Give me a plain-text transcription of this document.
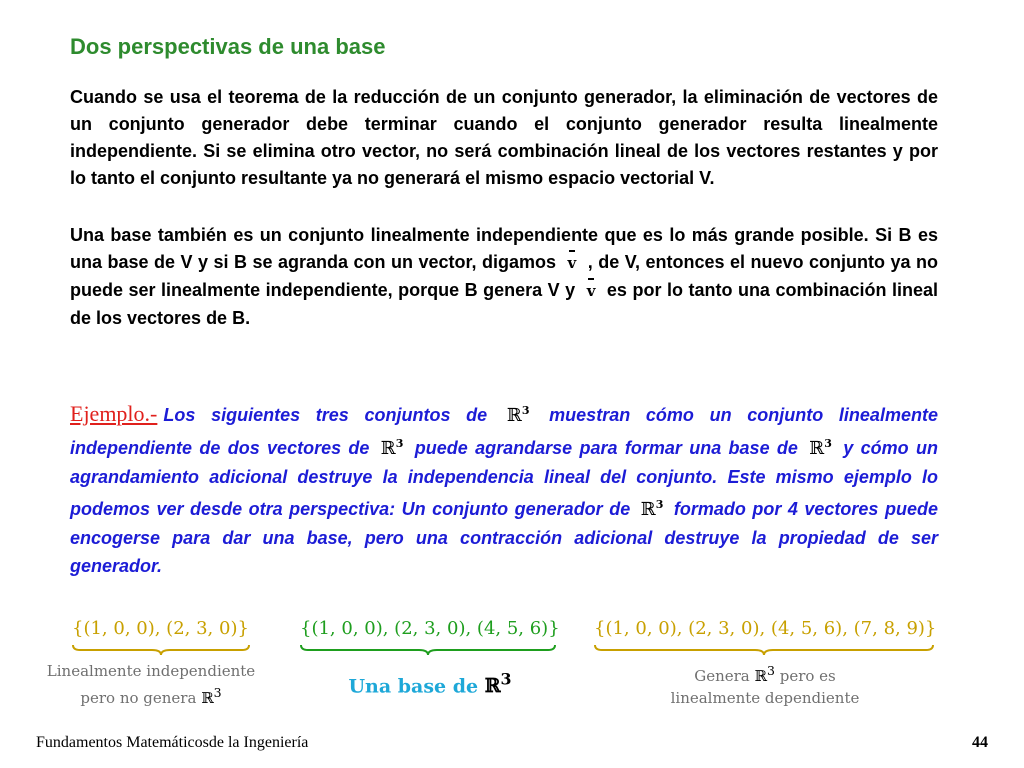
Dos perspectivas de una base
Cuando se usa el teorema de la reducción de un conjunto generador, la eliminación de vectores de un conjunto generador debe terminar cuando el conjunto generador resulta linealmente independiente. Si se elimina otro vector, no será combinación lineal de los vectores restantes y por lo tanto el conjunto resultante ya no generará el mismo espacio vectorial V.
Una base también es un conjunto linealmente independiente que es lo más grande posible. Si B es una base de V y si B se agranda con un vector, digamos v , de V, entonces el nuevo conjunto ya no puede ser linealmente independiente, porque B genera V y v es por lo tanto una combinación lineal de los vectores de B.
Ejemplo.- Los siguientes tres conjuntos de ℝ$^3$ muestran cómo un conjunto linealmente independiente de dos vectores de ℝ$^3$ puede agrandarse para formar una base de ℝ$^3$ y cómo un agrandamiento adicional destruye la independencia lineal del conjunto. Este mismo ejemplo lo podemos ver desde otra perspectiva: Un conjunto generador de ℝ$^3$ formado por 4 vectores puede encogerse para dar una base, pero una contracción adicional destruye la propiedad de ser generador.
{(1, 0, 0), (2, 3, 0)}	{(1, 0, 0), (2, 3, 0), (4, 5, 6)} {(1, 0, 0), (2, 3, 0), (4, 5, 6), (7, 8, 9)}
Linealmente independiente
pero no genera ℝ$^3$	Una base de ℝ$^3$	Genera ℝ$^3$ pero es
linealmente dependiente
Fundamentos Matemáticosde la Ingeniería	44
